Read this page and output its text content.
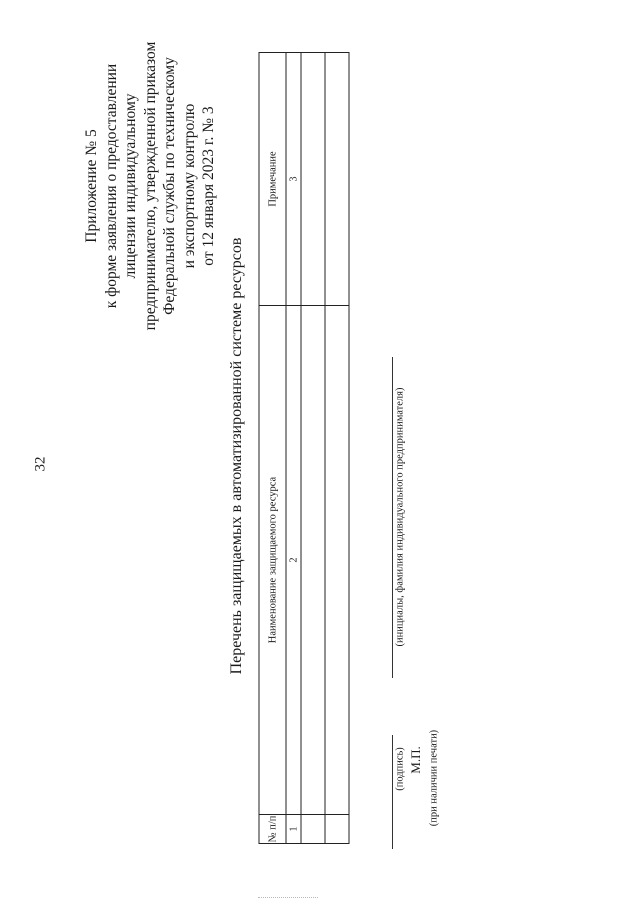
32
Приложение № 5 к форме заявления о предоставлении лицензии индивидуальному предпринимателю, утвержденной приказом Федеральной службы по техническому и экспортному контролю от 12 января 2023 г. № 3
Перечень защищаемых в автоматизированной системе ресурсов
№ п/п	Наименование защищаемого ресурса	Примечание
1	2	3

(инициалы, фамилия индивидуального предпринимателя)
(подпись) М.П. (при наличии печати)
